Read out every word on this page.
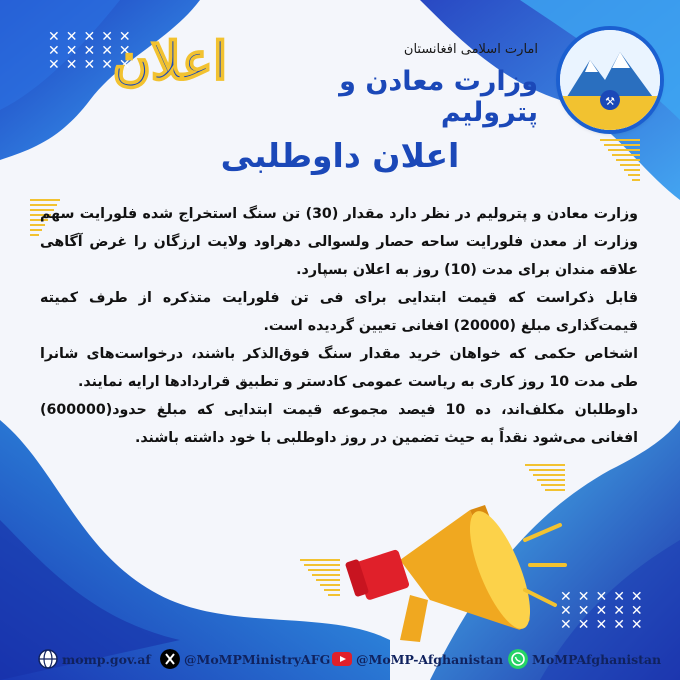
✕✕✕✕✕
✕✕✕✕✕
✕✕✕✕✕
✕✕✕✕✕
✕✕✕✕✕
✕✕✕✕✕
اعلان	امارت اسلامی افغانستان
وزارت معادن و پترولیم	⚒
اعلان داوطلبی

وزارت معادن و پترولیم در نظر دارد مقدار (30) تن سنگ استخراج شده فلورایت سهم وزارت از معدن فلورایت ساحه حصار ولسوالی دهراود ولایت ارزگان را غرض آگاهی علاقه مندان برای مدت (10) روز به اعلان بسپارد.

قابل ذکراست که قیمت ابتدایی برای فی تن فلورایت متذکره از طرف کمیته قیمت‌گذاری مبلغ (20000) افغانی تعیین گردیده است.

اشخاص حکمی که خواهان خرید مقدار سنگ فوق‌الذکر باشند، درخواست‌های شانرا طی مدت 10 روز کاری به ریاست عمومی کادستر و تطبیق قراردادها ارایه نمایند.

داوطلبان مکلف‌اند، ده 10 فیصد مجموعه قیمت ابتدایی که مبلغ حدود(600000) افغانی می‌شود نقداً به حیث تضمین در روز داوطلبی با خود داشته باشند.

momp.gov.af	@MoMPMinistryAFG @MoMP-Afghanistan MoMPAfghanistan
